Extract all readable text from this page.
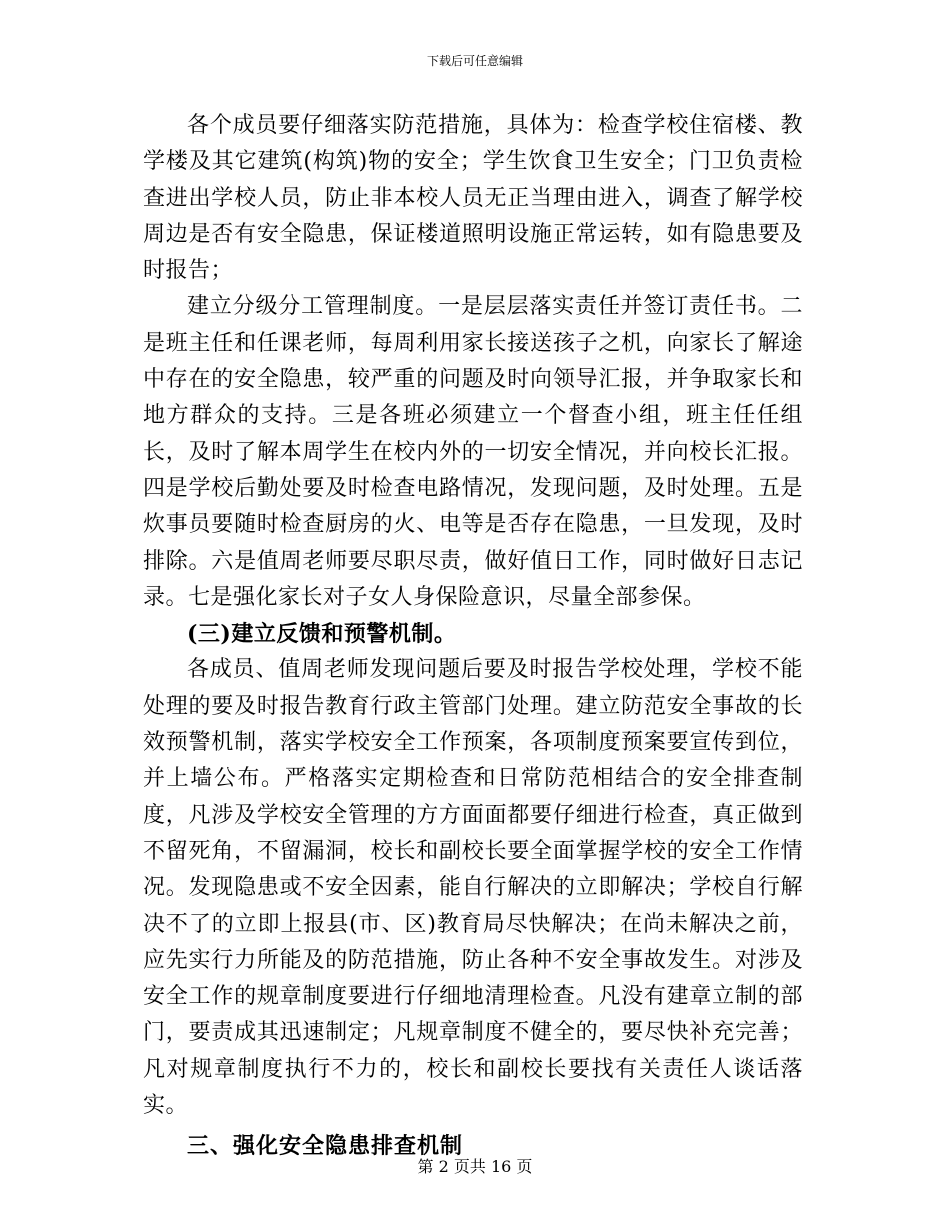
下载后可任意编辑

各个成员要仔细落实防范措施，具体为：检查学校住宿楼、教学楼及其它建筑(构筑)物的安全；学生饮食卫生安全；门卫负责检查进出学校人员，防止非本校人员无正当理由进入，调查了解学校周边是否有安全隐患，保证楼道照明设施正常运转，如有隐患要及时报告；

建立分级分工管理制度。一是层层落实责任并签订责任书。二是班主任和任课老师，每周利用家长接送孩子之机，向家长了解途中存在的安全隐患，较严重的问题及时向领导汇报，并争取家长和地方群众的支持。三是各班必须建立一个督查小组，班主任任组长，及时了解本周学生在校内外的一切安全情况，并向校长汇报。四是学校后勤处要及时检查电路情况，发现问题，及时处理。五是炊事员要随时检查厨房的火、电等是否存在隐患，一旦发现，及时排除。六是值周老师要尽职尽责，做好值日工作，同时做好日志记录。七是强化家长对子女人身保险意识，尽量全部参保。

(三)建立反馈和预警机制。

各成员、值周老师发现问题后要及时报告学校处理，学校不能处理的要及时报告教育行政主管部门处理。建立防范安全事故的长效预警机制，落实学校安全工作预案，各项制度预案要宣传到位，并上墙公布。严格落实定期检查和日常防范相结合的安全排查制度，凡涉及学校安全管理的方方面面都要仔细进行检查，真正做到不留死角，不留漏洞，校长和副校长要全面掌握学校的安全工作情况。发现隐患或不安全因素，能自行解决的立即解决；学校自行解决不了的立即上报县(市、区)教育局尽快解决；在尚未解决之前，应先实行力所能及的防范措施，防止各种不安全事故发生。对涉及安全工作的规章制度要进行仔细地清理检查。凡没有建章立制的部门，要责成其迅速制定；凡规章制度不健全的，要尽快补充完善；凡对规章制度执行不力的，校长和副校长要找有关责任人谈话落实。

三、强化安全隐患排查机制

第 2 页共 16 页
